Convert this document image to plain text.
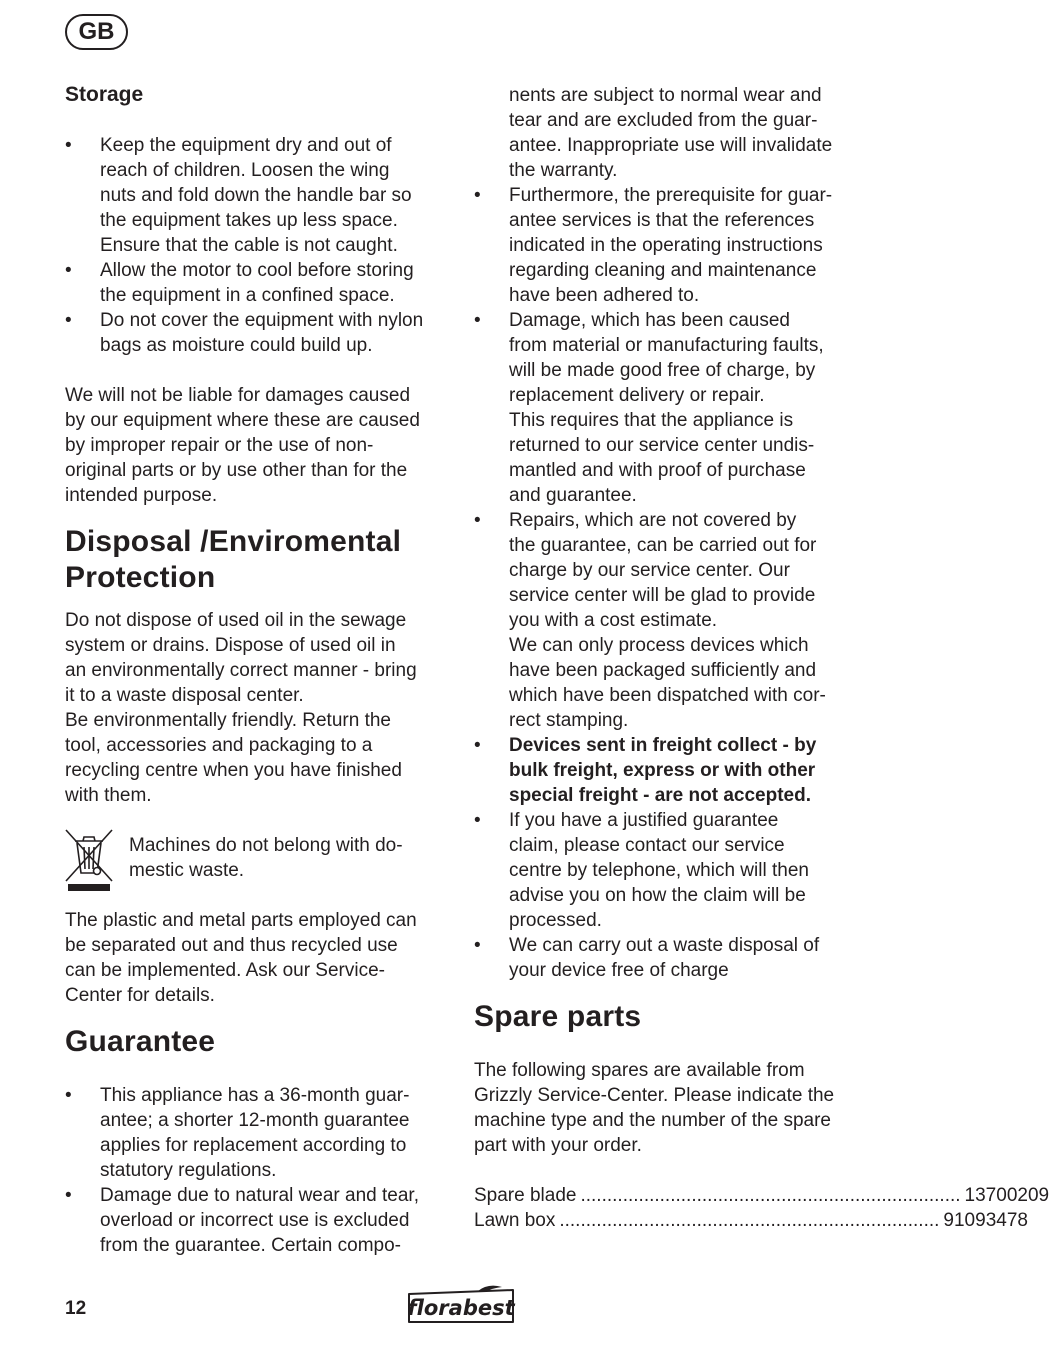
GB
Storage
• Keep the equipment dry and out of
reach of children. Loosen the wing
nuts and fold down the handle bar so
the equipment takes up less space.
Ensure that the cable is not caught.
• Allow the motor to cool before storing
the equipment in a confined space.
• Do not cover the equipment with nylon
bags as moisture could build up.
We will not be liable for damages caused
by our equipment where these are caused
by improper repair or the use of non-
original parts or by use other than for the
intended purpose.
Disposal /Enviromental
Protection
Do not dispose of used oil in the sewage
system or drains. Dispose of used oil in
an environmentally correct manner - bring
it to a waste disposal center.
Be environmentally friendly. Return the
tool, accessories and packaging to a
recycling centre when you have finished
with them.
Machines do not belong with do-
mestic waste.
The plastic and metal parts employed can
be separated out and thus recycled use
can be implemented. Ask our Service-
Center for details.
Guarantee
• This appliance has a 36-month guar-
antee; a shorter 12-month guarantee
applies for replacement according to
statutory regulations.
• Damage due to natural wear and tear,
overload or incorrect use is excluded
from the guarantee. Certain compo-
nents are subject to normal wear and
tear and are excluded from the guar-
antee. Inappropriate use will invalidate
the warranty.
• Furthermore, the prerequisite for guar-
antee services is that the references
indicated in the operating instructions
regarding cleaning and maintenance
have been adhered to.
• Damage, which has been caused
from material or manufacturing faults,
will be made good free of charge, by
replacement delivery or repair.
This requires that the appliance is
returned to our service center undis-
mantled and with proof of purchase
and guarantee.
• Repairs, which are not covered by
the guarantee, can be carried out for
charge by our service center. Our
service center will be glad to provide
you with a cost estimate.
We can only process devices which
have been packaged sufficiently and
which have been dispatched with cor-
rect stamping.
• Devices sent in freight collect - by
bulk freight, express or with other
special freight - are not accepted.
• If you have a justified guarantee
claim, please contact our service
centre by telephone, which will then
advise you on how the claim will be
processed.
• We can carry out a waste disposal of
your device free of charge
Spare parts
The following spares are available from
Grizzly Service-Center. Please indicate the
machine type and the number of the spare
part with your order.
Spare blade ........................................................................ 13700209
Lawn box ........................................................................ 91093478
12	florabest
